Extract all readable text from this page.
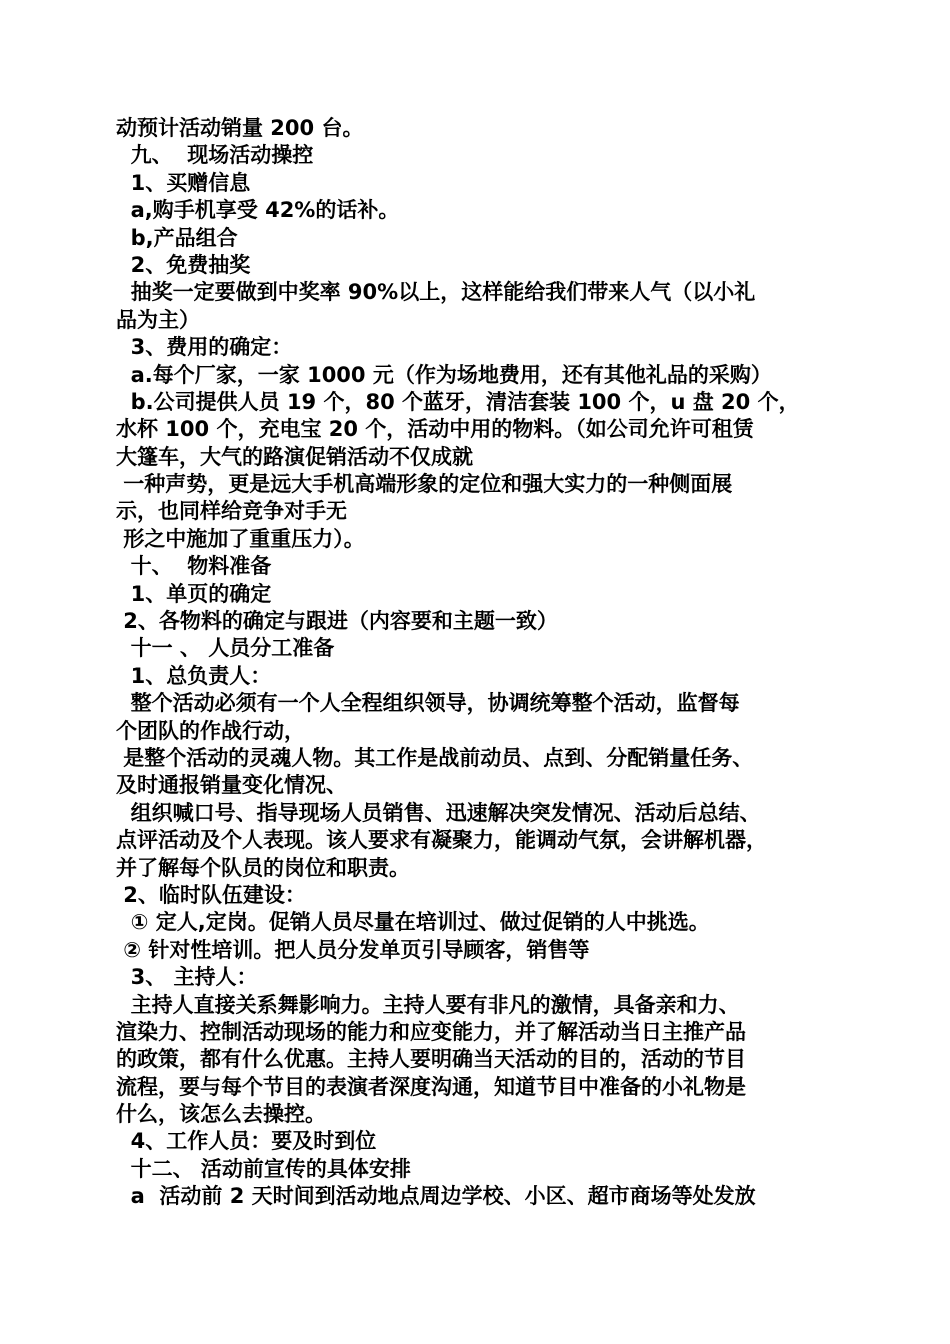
动预计活动销量 200 台。
九、  现场活动操控
1、买赠信息
a,购手机享受 42%的话补。
b,产品组合
2、免费抽奖
抽奖一定要做到中奖率 90%以上，这样能给我们带来人气（以小礼
品为主）
3、费用的确定：
a.每个厂家，一家 1000 元（作为场地费用，还有其他礼品的采购）
b.公司提供人员 19 个，80 个蓝牙，清洁套装 100 个，u 盘 20 个，
水杯 100 个，充电宝 20 个，活动中用的物料。（如公司允许可租赁
大篷车，大气的路演促销活动不仅成就
一种声势，更是远大手机高端形象的定位和强大实力的一种侧面展
示，也同样给竞争对手无
形之中施加了重重压力）。
十、  物料准备
1、单页的确定
2、各物料的确定与跟进（内容要和主题一致）
十一 、 人员分工准备
1、总负责人：
整个活动必须有一个人全程组织领导，协调统筹整个活动，监督每
个团队的作战行动，
是整个活动的灵魂人物。其工作是战前动员、点到、分配销量任务、
及时通报销量变化情况、
组织喊口号、指导现场人员销售、迅速解决突发情况、活动后总结、
点评活动及个人表现。该人要求有凝聚力，能调动气氛，会讲解机器，
并了解每个队员的岗位和职责。
2、临时队伍建设：
① 定人,定岗。促销人员尽量在培训过、做过促销的人中挑选。
② 针对性培训。把人员分发单页引导顾客，销售等
3、 主持人：
主持人直接关系舞影响力。主持人要有非凡的激情，具备亲和力、
渲染力、控制活动现场的能力和应变能力，并了解活动当日主推产品
的政策，都有什么优惠。主持人要明确当天活动的目的，活动的节目
流程，要与每个节目的表演者深度沟通，知道节目中准备的小礼物是
什么，该怎么去操控。
4、工作人员：要及时到位
十二、 活动前宣传的具体安排
a  活动前 2 天时间到活动地点周边学校、小区、超市商场等处发放
